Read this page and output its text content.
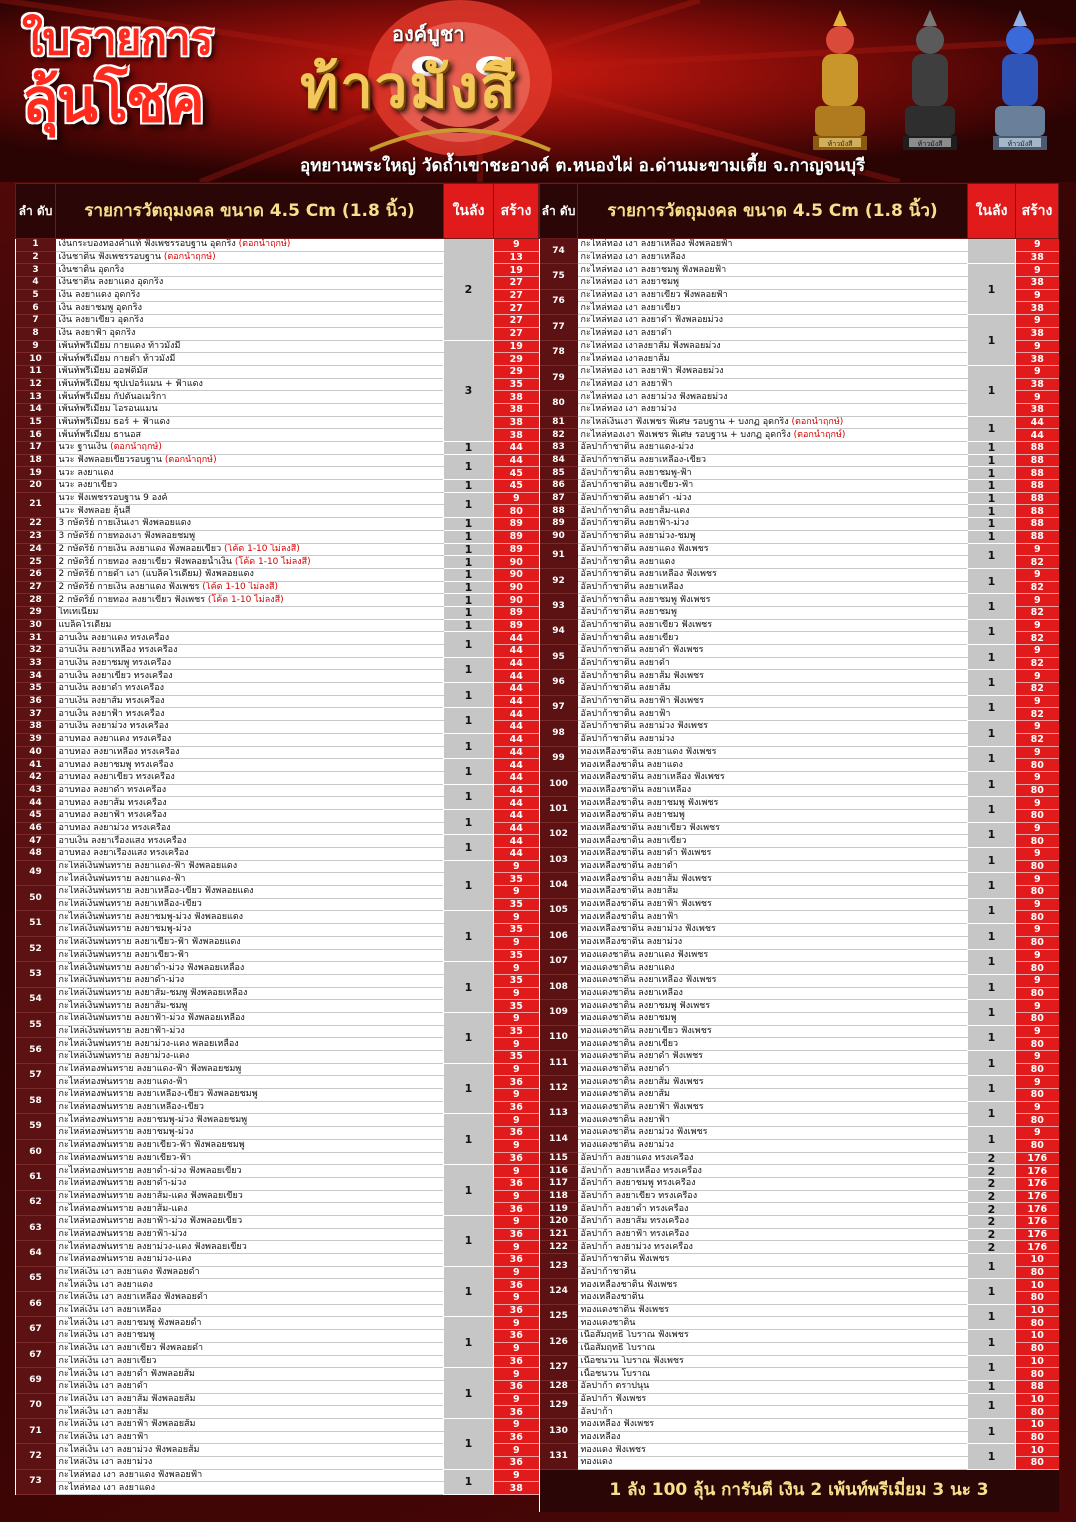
ใบรายการ
ลุ้นโชค
องค์บูชา
ท้าวมังสี
ท้าวมังสี	ท้าวมังสี	ท้าวมังสี
อุทยานพระใหญ่ วัดถ้ำเขาชะอางค์ ต.หนองไผ่ อ.ด่านมะขามเตี้ย จ.กาญจนบุรี
ลำ ดับ	รายการวัตถุมงคล ขนาด 4.5 Cm (1.8 นิ้ว)	ในลัง	สร้าง
1	เงินกระบองทองคำแท้ ฟังเพชรรอบฐาน อุดกริ่ง (ตอกนำฤกษ์)	2	9
2	เงินชาติน ฟังเพชรรอบฐาน (ตอกนำฤกษ์)		13
3	เงินชาติน อุดกริ่ง		19
4	เงินชาติน ลงยาแดง อุดกริ่ง		27
5	เงิน ลงยาแดง อุดกริ่ง		27
6	เงิน ลงยาชมพู อุดกริ่ง		27
7	เงิน ลงยาเขียว อุดกริ่ง		27
8	เงิน ลงยาฟ้า อุดกริ่ง		27
9	เพ้นท์พรีเมี่ยม กายแดง ท้าวมังมี	3	19
10	เพ้นท์พรีเมี่ยม กายดำ ท้าวมังมี		29
11	เพ้นท์พรีเมี่ยม ออฟติมัส		29
12	เพ้นท์พรีเมี่ยม ซุปเปอร์แมน + ฟ้าแดง		35
13	เพ้นท์พรีเมี่ยม กัปตันอเมริกา		38
14	เพ้นท์พรีเมี่ยม ไอรอนแมน		38
15	เพ้นท์พรีเมี่ยม ธอร์ + ฟ้าแดง		38
16	เพ้นท์พรีเมี่ยม ธานอส		38
17	นวะ ฐานเงิน (ตอกนำฤกษ์)	1	44
18	นวะ ฟังพลอยเขียวรอบฐาน (ตอกนำฤกษ์)	1	44
19	นวะ ลงยาแดง		45
20	นวะ ลงยาเขียว	1	45
21	นวะ ฟังเพชรรอบฐาน 9 องค์	1	9
	นวะ ฟังพลอย ลุ้นสี		80
22	3 กษัตริย์ กายเงินเงา ฟังพลอยแดง	1	89
23	3 กษัตริย์ กายทองเงา ฟังพลอยชมพู	1	89
24	2 กษัตริย์ กายเงิน ลงยาแดง ฟังพลอยเขียว (โค้ด 1-10 ไม่ลงสี)	1	89
25	2 กษัตริย์ กายทอง ลงยาเขียว ฟังพลอยน้ำเงิน (โค้ด 1-10 ไม่ลงสี)	1	90
26	2 กษัตริย์ กายดำ เงา (แบล็คโรเดียม) ฟังพลอยแดง	1	90
27	2 กษัตริย์ กายเงิน ลงยาแดง ฟังเพชร (โค้ด 1-10 ไม่ลงสี)	1	90
28	2 กษัตริย์ กายทอง ลงยาเขียว ฟังเพชร (โค้ด 1-10 ไม่ลงสี)	1	90
29	ไทเทเนียม	1	89
30	แบล็คโรเดียม	1	89
31	อาบเงิน ลงยาแดง ทรงเครื่อง	1	44
32	อาบเงิน ลงยาเหลือง ทรงเครื่อง		44
33	อาบเงิน ลงยาชมพู ทรงเครื่อง	1	44
34	อาบเงิน ลงยาเขียว ทรงเครื่อง		44
35	อาบเงิน ลงยาดำ ทรงเครื่อง	1	44
36	อาบเงิน ลงยาส้ม ทรงเครื่อง		44
37	อาบเงิน ลงยาฟ้า ทรงเครื่อง	1	44
38	อาบเงิน ลงยาม่วง ทรงเครื่อง		44
39	อาบทอง ลงยาแดง ทรงเครื่อง	1	44
40	อาบทอง ลงยาเหลือง ทรงเครื่อง		44
41	อาบทอง ลงยาชมพู ทรงเครื่อง	1	44
42	อาบทอง ลงยาเขียว ทรงเครื่อง		44
43	อาบทอง ลงยาดำ ทรงเครื่อง	1	44
44	อาบทอง ลงยาส้ม ทรงเครื่อง		44
45	อาบทอง ลงยาฟ้า ทรงเครื่อง	1	44
46	อาบทอง ลงยาม่วง ทรงเครื่อง		44
47	อาบเงิน ลงยาเรืองแสง ทรงเครื่อง	1	44
48	อาบทอง ลงยาเรืองแสง ทรงเครื่อง		44
49	กะไหล่เงินพ่นทราย ลงยาแดง-ฟ้า ฟังพลอยแดง	1	9
	กะไหล่เงินพ่นทราย ลงยาแดง-ฟ้า		35
50	กะไหล่เงินพ่นทราย ลงยาเหลือง-เขียว ฟังพลอยแดง		9
	กะไหล่เงินพ่นทราย ลงยาเหลือง-เขียว		35
51	กะไหล่เงินพ่นทราย ลงยาชมพู-ม่วง ฟังพลอยแดง	1	9
	กะไหล่เงินพ่นทราย ลงยาชมพู-ม่วง		35
52	กะไหล่เงินพ่นทราย ลงยาเขียว-ฟ้า ฟังพลอยแดง		9
	กะไหล่เงินพ่นทราย ลงยาเขียว-ฟ้า		35
53	กะไหล่เงินพ่นทราย ลงยาดำ-ม่วง ฟังพลอยเหลือง	1	9
	กะไหล่เงินพ่นทราย ลงยาดำ-ม่วง		35
54	กะไหล่เงินพ่นทราย ลงยาส้ม-ชมพู ฟังพลอยเหลือง		9
	กะไหล่เงินพ่นทราย ลงยาส้ม-ชมพู		35
55	กะไหล่เงินพ่นทราย ลงยาฟ้า-ม่วง ฟังพลอยเหลือง	1	9
	กะไหล่เงินพ่นทราย ลงยาฟ้า-ม่วง		35
56	กะไหล่เงินพ่นทราย ลงยาม่วง-แดง พลอยเหลือง		9
	กะไหล่เงินพ่นทราย ลงยาม่วง-แดง		35
57	กะไหล่ทองพ่นทราย ลงยาแดง-ฟ้า ฟังพลอยชมพู	1	9
	กะไหล่ทองพ่นทราย ลงยาแดง-ฟ้า		36
58	กะไหล่ทองพ่นทราย ลงยาเหลือง-เขียว ฟังพลอยชมพู		9
	กะไหล่ทองพ่นทราย ลงยาเหลือง-เขียว		36
59	กะไหล่ทองพ่นทราย ลงยาชมพู-ม่วง ฟังพลอยชมพู	1	9
	กะไหล่ทองพ่นทราย ลงยาชมพู-ม่วง		36
60	กะไหล่ทองพ่นทราย ลงยาเขียว-ฟ้า ฟังพลอยชมพู		9
	กะไหล่ทองพ่นทราย ลงยาเขียว-ฟ้า		36
61	กะไหล่ทองพ่นทราย ลงยาดำ-ม่วง ฟังพลอยเขียว	1	9
	กะไหล่ทองพ่นทราย ลงยาดำ-ม่วง		36
62	กะไหล่ทองพ่นทราย ลงยาส้ม-แดง ฟังพลอยเขียว		9
	กะไหล่ทองพ่นทราย ลงยาส้ม-แดง		36
63	กะไหล่ทองพ่นทราย ลงยาฟ้า-ม่วง ฟังพลอยเขียว	1	9
	กะไหล่ทองพ่นทราย ลงยาฟ้า-ม่วง		36
64	กะไหล่ทองพ่นทราย ลงยาม่วง-แดง ฟังพลอยเขียว		9
	กะไหล่ทองพ่นทราย ลงยาม่วง-แดง		36
65	กะไหล่เงิน เงา ลงยาแดง ฟังพลอยดำ	1	9
	กะไหล่เงิน เงา ลงยาแดง		36
66	กะไหล่เงิน เงา ลงยาเหลือง ฟังพลอยดำ		9
	กะไหล่เงิน เงา ลงยาเหลือง		36
67	กะไหล่เงิน เงา ลงยาชมพู ฟังพลอยดำ	1	9
	กะไหล่เงิน เงา ลงยาชมพู		36
67	กะไหล่เงิน เงา ลงยาเขียว ฟังพลอยดำ		9
	กะไหล่เงิน เงา ลงยาเขียว		36
69	กะไหล่เงิน เงา ลงยาดำ ฟังพลอยส้ม	1	9
	กะไหล่เงิน เงา ลงยาดำ		36
70	กะไหล่เงิน เงา ลงยาส้ม ฟังพลอยส้ม		9
	กะไหล่เงิน เงา ลงยาส้ม		36
71	กะไหล่เงิน เงา ลงยาฟ้า ฟังพลอยส้ม	1	9
	กะไหล่เงิน เงา ลงยาฟ้า		36
72	กะไหล่เงิน เงา ลงยาม่วง ฟังพลอยส้ม		9
	กะไหล่เงิน เงา ลงยาม่วง		36
73	กะไหล่ทอง เงา ลงยาแดง ฟังพลอยฟ้า	1	9
	กะไหล่ทอง เงา ลงยาแดง		38
ลำ ดับ	รายการวัตถุมงคล ขนาด 4.5 Cm (1.8 นิ้ว)	ในลัง	สร้าง
74	กะไหล่ทอง เงา ลงยาเหลือง ฟังพลอยฟ้า		9
	กะไหล่ทอง เงา ลงยาเหลือง		38
75	กะไหล่ทอง เงา ลงยาชมพู ฟังพลอยฟ้า	1	9
	กะไหล่ทอง เงา ลงยาชมพู		38
76	กะไหล่ทอง เงา ลงยาเขียว ฟังพลอยฟ้า		9
	กะไหล่ทอง เงา ลงยาเขียว		38
77	กะไหล่ทอง เงา ลงยาดำ ฟังพลอยม่วง	1	9
	กะไหล่ทอง เงา ลงยาดำ		38
78	กะไหล่ทอง เงาลงยาส้ม ฟังพลอยม่วง		9
	กะไหล่ทอง เงาลงยาส้ม		38
79	กะไหล่ทอง เงา ลงยาฟ้า ฟังพลอยม่วง	1	9
	กะไหล่ทอง เงา ลงยาฟ้า		38
80	กะไหล่ทอง เงา ลงยาม่วง ฟังพลอยม่วง		9
	กะไหล่ทอง เงา ลงยาม่วง		38
81	กะไหล่เงินเงา ฟังเพชร พิเศษ รอบฐาน + บงกฏ อุดกริ่ง (ตอกนำฤกษ์)	1	44
82	กะไหล่ทองเงา ฟังเพชร พิเศษ รอบฐาน + บงกฏ อุดกริ่ง (ตอกนำฤกษ์)		44
83	อัลปาก้าชาติน ลงยาแดง-ม่วง	1	88
84	อัลปาก้าชาติน ลงยาเหลือง-เขียว	1	88
85	อัลปาก้าชาติน ลงยาชมพู-ฟ้า	1	88
86	อัลปาก้าชาติน ลงยาเขียว-ฟ้า	1	88
87	อัลปาก้าชาติน ลงยาดำ -ม่วง	1	88
88	อัลปาก้าชาติน ลงยาส้ม-แดง	1	88
89	อัลปาก้าชาติน ลงยาฟ้า-ม่วง	1	88
90	อัลปาก้าชาติน ลงยาม่วง-ชมพู	1	88
91	อัลปาก้าชาติน ลงยาแดง ฟังเพชร	1	9
	อัลปาก้าชาติน ลงยาแดง		82
92	อัลปาก้าชาติน ลงยาเหลือง ฟังเพชร	1	9
	อัลปาก้าชาติน ลงยาเหลือง		82
93	อัลปาก้าชาติน ลงยาชมพู ฟังเพชร	1	9
	อัลปาก้าชาติน ลงยาชมพู		82
94	อัลปาก้าชาติน ลงยาเขียว ฟังเพชร	1	9
	อัลปาก้าชาติน ลงยาเขียว		82
95	อัลปาก้าชาติน ลงยาดำ ฟังเพชร	1	9
	อัลปาก้าชาติน ลงยาดำ		82
96	อัลปาก้าชาติน ลงยาส้ม ฟังเพชร	1	9
	อัลปาก้าชาติน ลงยาส้ม		82
97	อัลปาก้าชาติน ลงยาฟ้า ฟังเพชร	1	9
	อัลปาก้าชาติน ลงยาฟ้า		82
98	อัลปาก้าชาติน ลงยาม่วง ฟังเพชร	1	9
	อัลปาก้าชาติน ลงยาม่วง		82
99	ทองเหลืองชาติน ลงยาแดง ฟังเพชร	1	9
	ทองเหลืองชาติน ลงยาแดง		80
100	ทองเหลืองชาติน ลงยาเหลือง ฟังเพชร	1	9
	ทองเหลืองชาติน ลงยาเหลือง		80
101	ทองเหลืองชาติน ลงยาชมพู ฟังเพชร	1	9
	ทองเหลืองชาติน ลงยาชมพู		80
102	ทองเหลืองชาติน ลงยาเขียว ฟังเพชร	1	9
	ทองเหลืองชาติน ลงยาเขียว		80
103	ทองเหลืองชาติน ลงยาดำ ฟังเพชร	1	9
	ทองเหลืองชาติน ลงยาดำ		80
104	ทองเหลืองชาติน ลงยาส้ม ฟังเพชร	1	9
	ทองเหลืองชาติน ลงยาส้ม		80
105	ทองเหลืองชาติน ลงยาฟ้า ฟังเพชร	1	9
	ทองเหลืองชาติน ลงยาฟ้า		80
106	ทองเหลืองชาติน ลงยาม่วง ฟังเพชร	1	9
	ทองเหลืองชาติน ลงยาม่วง		80
107	ทองแดงชาติน ลงยาแดง ฟังเพชร	1	9
	ทองแดงชาติน ลงยาแดง		80
108	ทองแดงชาติน ลงยาเหลือง ฟังเพชร	1	9
	ทองแดงชาติน ลงยาเหลือง		80
109	ทองแดงชาติน ลงยาชมพู ฟังเพชร	1	9
	ทองแดงชาติน ลงยาชมพู		80
110	ทองแดงชาติน ลงยาเขียว ฟังเพชร	1	9
	ทองแดงชาติน ลงยาเขียว		80
111	ทองแดงชาติน ลงยาดำ ฟังเพชร	1	9
	ทองแดงชาติน ลงยาดำ		80
112	ทองแดงชาติน ลงยาส้ม ฟังเพชร	1	9
	ทองแดงชาติน ลงยาส้ม		80
113	ทองแดงชาติน ลงยาฟ้า ฟังเพชร	1	9
	ทองแดงชาติน ลงยาฟ้า		80
114	ทองแดงชาติน ลงยาม่วง ฟังเพชร	1	9
	ทองแดงชาติน ลงยาม่วง		80
115	อัลปาก้า ลงยาแดง ทรงเครื่อง	2	176
116	อัลปาก้า ลงยาเหลือง ทรงเครื่อง	2	176
117	อัลปาก้า ลงยาชมพู ทรงเครื่อง	2	176
118	อัลปาก้า ลงยาเขียว ทรงเครื่อง	2	176
119	อัลปาก้า ลงยาดำ ทรงเครื่อง	2	176
120	อัลปาก้า ลงยาส้ม ทรงเครื่อง	2	176
121	อัลปาก้า ลงยาฟ้า ทรงเครื่อง	2	176
122	อัลปาก้า ลงยาม่วง ทรงเครื่อง	2	176
123	อัลปาก้าชาติน ฟังเพชร	1	10
	อัลปาก้าชาติน		80
124	ทองเหลืองชาติน ฟังเพชร	1	10
	ทองเหลืองชาติน		80
125	ทองแดงชาติน ฟังเพชร	1	10
	ทองแดงชาติน		80
126	เนื้อสัมฤทธิ์ โบราณ ฟังเพชร	1	10
	เนื้อสัมฤทธิ์ โบราณ		80
127	เนื้อชนวน โบราณ ฟังเพชร	1	10
	เนื้อชนวน โบราณ		80
128	อัลปาก้า ตราปนุน	1	88
129	อัลปาก้า ฟังเพชร	1	10
	อัลปาก้า		80
130	ทองเหลือง ฟังเพชร	1	10
	ทองเหลือง		80
131	ทองแดง ฟังเพชร	1	10
	ทองแดง		80
1 ลัง 100 ลุ้น การันตี เงิน 2 เพ้นท์พรีเมี่ยม 3 นะ 3			
